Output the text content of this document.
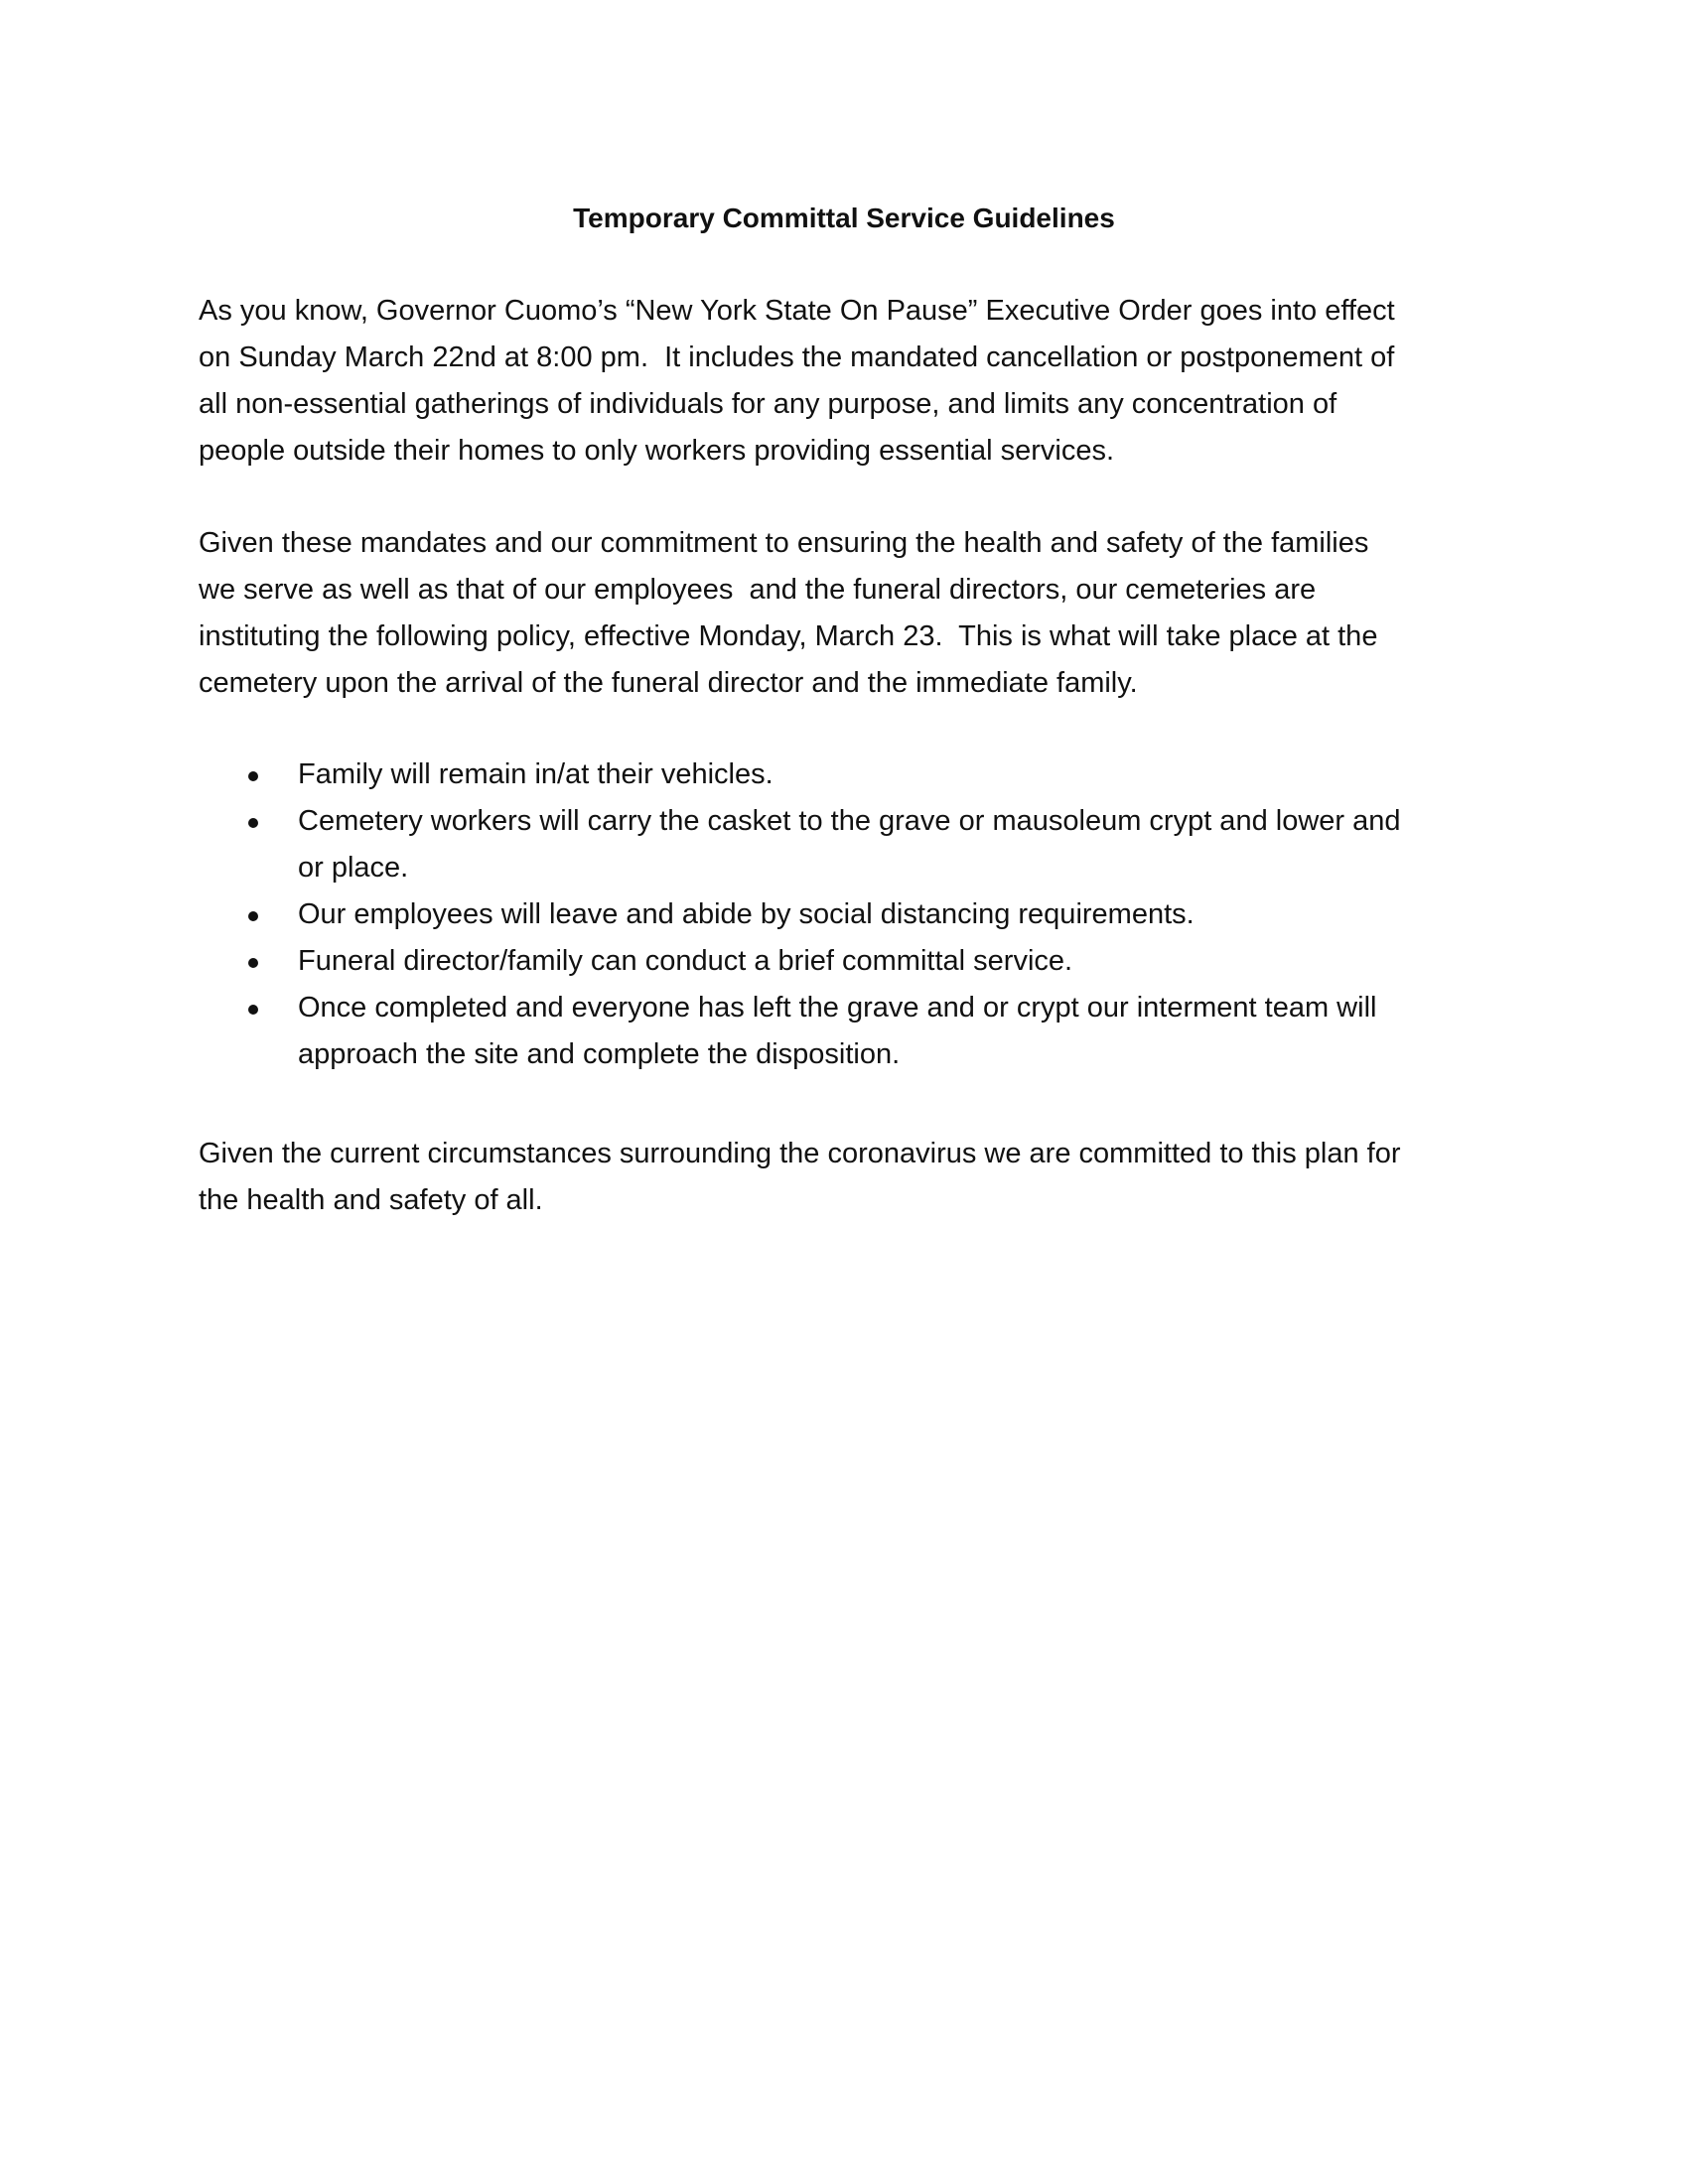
Temporary Committal Service Guidelines

As you know, Governor Cuomo’s “New York State On Pause” Executive Order goes into effect

on Sunday March 22nd at 8:00 pm.  It includes the mandated cancellation or postponement of

all non-essential gatherings of individuals for any purpose, and limits any concentration of

people outside their homes to only workers providing essential services.

Given these mandates and our commitment to ensuring the health and safety of the families

we serve as well as that of our employees  and the funeral directors, our cemeteries are

instituting the following policy, effective Monday, March 23.  This is what will take place at the

cemetery upon the arrival of the funeral director and the immediate family.

Family will remain in/at their vehicles.
Cemetery workers will carry the casket to the grave or mausoleum crypt and lower and
or place.
Our employees will leave and abide by social distancing requirements.
Funeral director/family can conduct a brief committal service.
Once completed and everyone has left the grave and or crypt our interment team will
approach the site and complete the disposition.

Given the current circumstances surrounding the coronavirus we are committed to this plan for

the health and safety of all.
